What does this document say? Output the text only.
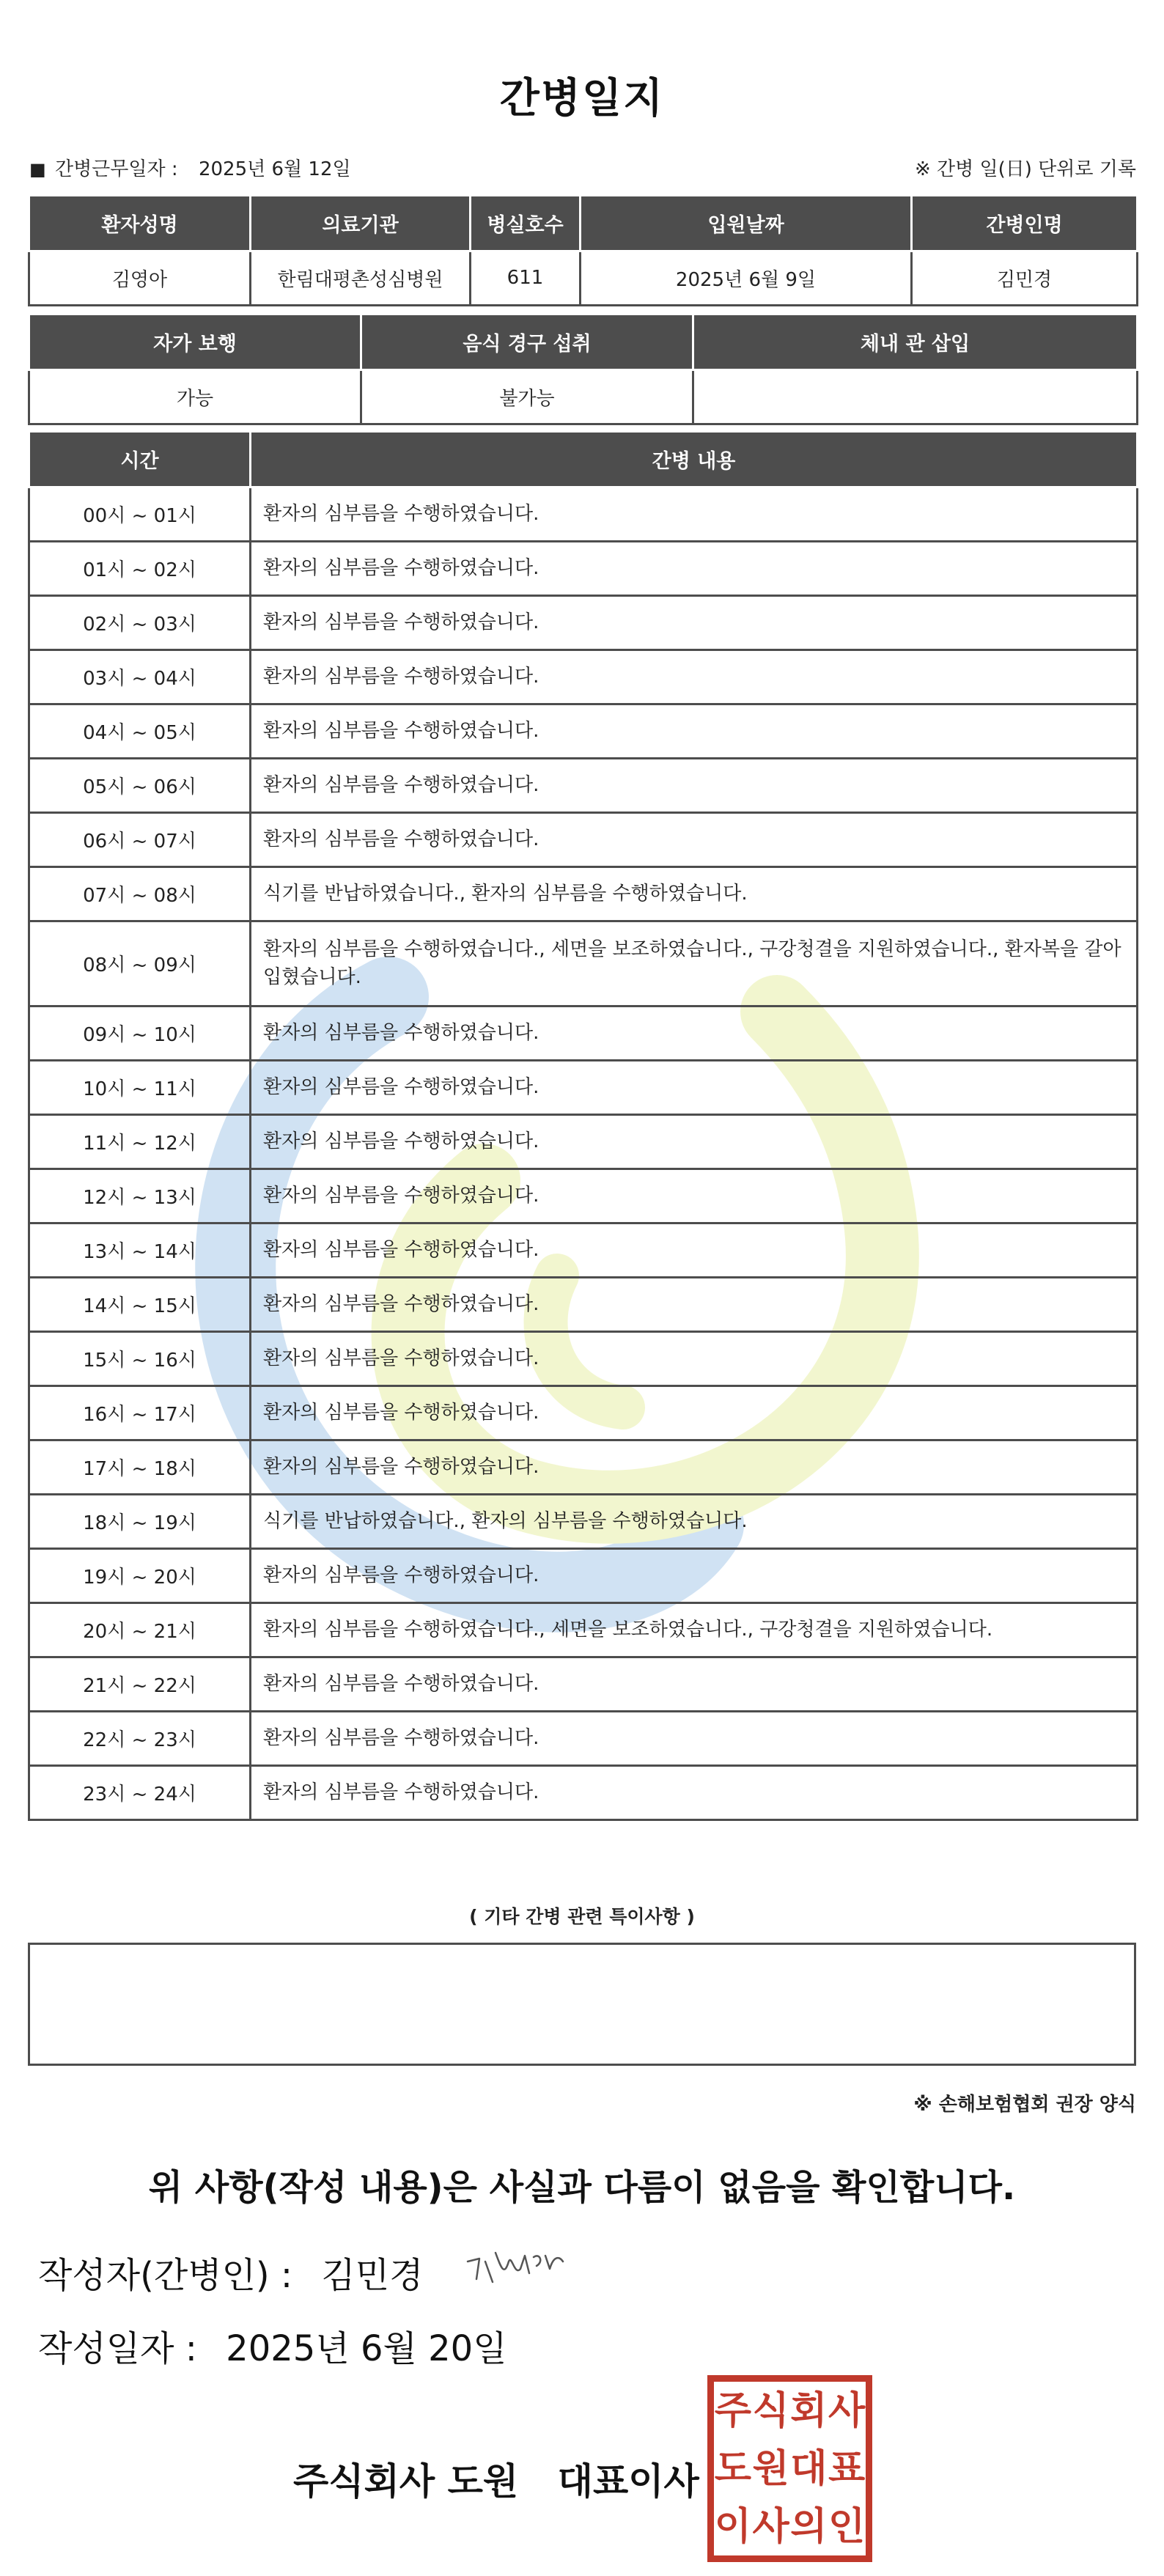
간병일지
■ 간병근무일자 : 2025년 6월 12일	※ 간병 일(日) 단위로 기록
환자성명	의료기관	병실호수	입원날짜	간병인명
김영아	한림대평촌성심병원	611	2025년 6월 9일	김민경
자가 보행	음식 경구 섭취	체내 관 삽입
가능	불가능	
시간	간병 내용
00시 ~ 01시	환자의 심부름을 수행하였습니다.
01시 ~ 02시	환자의 심부름을 수행하였습니다.
02시 ~ 03시	환자의 심부름을 수행하였습니다.
03시 ~ 04시	환자의 심부름을 수행하였습니다.
04시 ~ 05시	환자의 심부름을 수행하였습니다.
05시 ~ 06시	환자의 심부름을 수행하였습니다.
06시 ~ 07시	환자의 심부름을 수행하였습니다.
07시 ~ 08시	식기를 반납하였습니다., 환자의 심부름을 수행하였습니다.
08시 ~ 09시	환자의 심부름을 수행하였습니다., 세면을 보조하였습니다., 구강청결을 지원하였습니다., 환자복을 갈아입혔습니다.
09시 ~ 10시	환자의 심부름을 수행하였습니다.
10시 ~ 11시	환자의 심부름을 수행하였습니다.
11시 ~ 12시	환자의 심부름을 수행하였습니다.
12시 ~ 13시	환자의 심부름을 수행하였습니다.
13시 ~ 14시	환자의 심부름을 수행하였습니다.
14시 ~ 15시	환자의 심부름을 수행하였습니다.
15시 ~ 16시	환자의 심부름을 수행하였습니다.
16시 ~ 17시	환자의 심부름을 수행하였습니다.
17시 ~ 18시	환자의 심부름을 수행하였습니다.
18시 ~ 19시	식기를 반납하였습니다., 환자의 심부름을 수행하였습니다.
19시 ~ 20시	환자의 심부름을 수행하였습니다.
20시 ~ 21시	환자의 심부름을 수행하였습니다., 세면을 보조하였습니다., 구강청결을 지원하였습니다.
21시 ~ 22시	환자의 심부름을 수행하였습니다.
22시 ~ 23시	환자의 심부름을 수행하였습니다.
23시 ~ 24시	환자의 심부름을 수행하였습니다.
( 기타 간병 관련 특이사항 )
※ 손해보험협회 권장 양식
위 사항(작성 내용)은 사실과 다름이 없음을 확인합니다.
작성자(간병인) : 김민경
작성일자 : 2025년 6월 20일
주식회사 도원 대표이사
주 식 회 사
도 원 대 표
이 사 의 인
